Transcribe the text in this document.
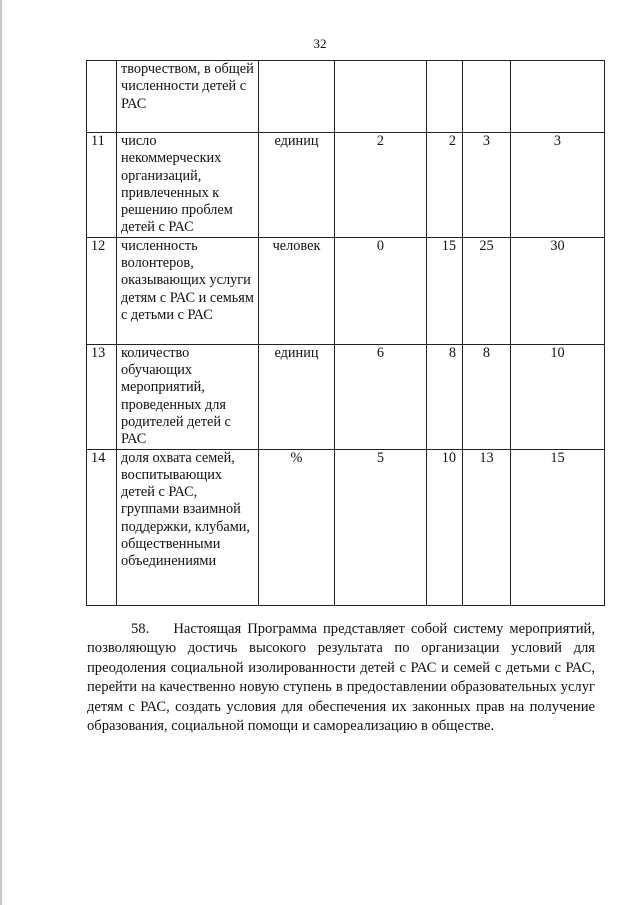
32
	творчеством, в общей численности детей с РАС					
11	число некоммерческих организаций, привлеченных к решению проблем детей с РАС	единиц	2	2	3	3
12	численность волонтеров, оказывающих услуги детям с РАС и семьям с детьми с РАС	человек	0	15	25	30
13	количество обучающих мероприятий, проведенных для родителей детей с РАС	единиц	6	8	8	10
14	доля охвата семей, воспитывающих детей с РАС, группами взаимной поддержки, клубами, общественными объединениями	%	5	10	13	15

58.    Настоящая Программа представляет собой систему мероприятий, позволяющую достичь высокого результата по организации условий для преодоления социальной изолированности детей с РАС и семей с детьми с РАС, перейти на качественно новую ступень в предоставлении образовательных услуг детям с РАС, создать условия для обеспечения их законных прав на получение образования, социальной помощи и самореализацию в обществе.
